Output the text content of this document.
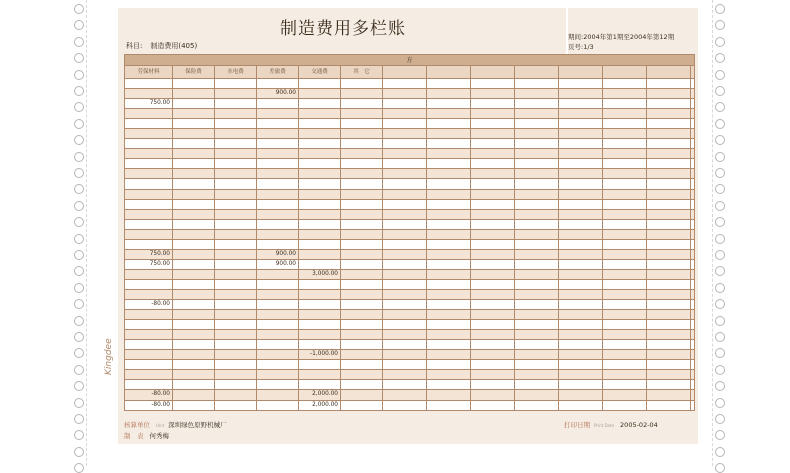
制造费用多栏账
科目: 制造费用(405)
期间:2004年第1期至2004年第12期
页号:1/3
方													
劳保材料	保险费	水电费	差旅费	交通费	其　它								

			900.00										
750.00													

750.00			900.00										
750.00			900.00										
				3,000.00									

-80.00													

				-1,000.00									

-80.00				2,000.00									
-80.00				2,000.00									
核算单位 Unit 深圳绿色原野机械厂
制　表 何秀梅
打印日期 Print Date 2005-02-04
Kingdee
